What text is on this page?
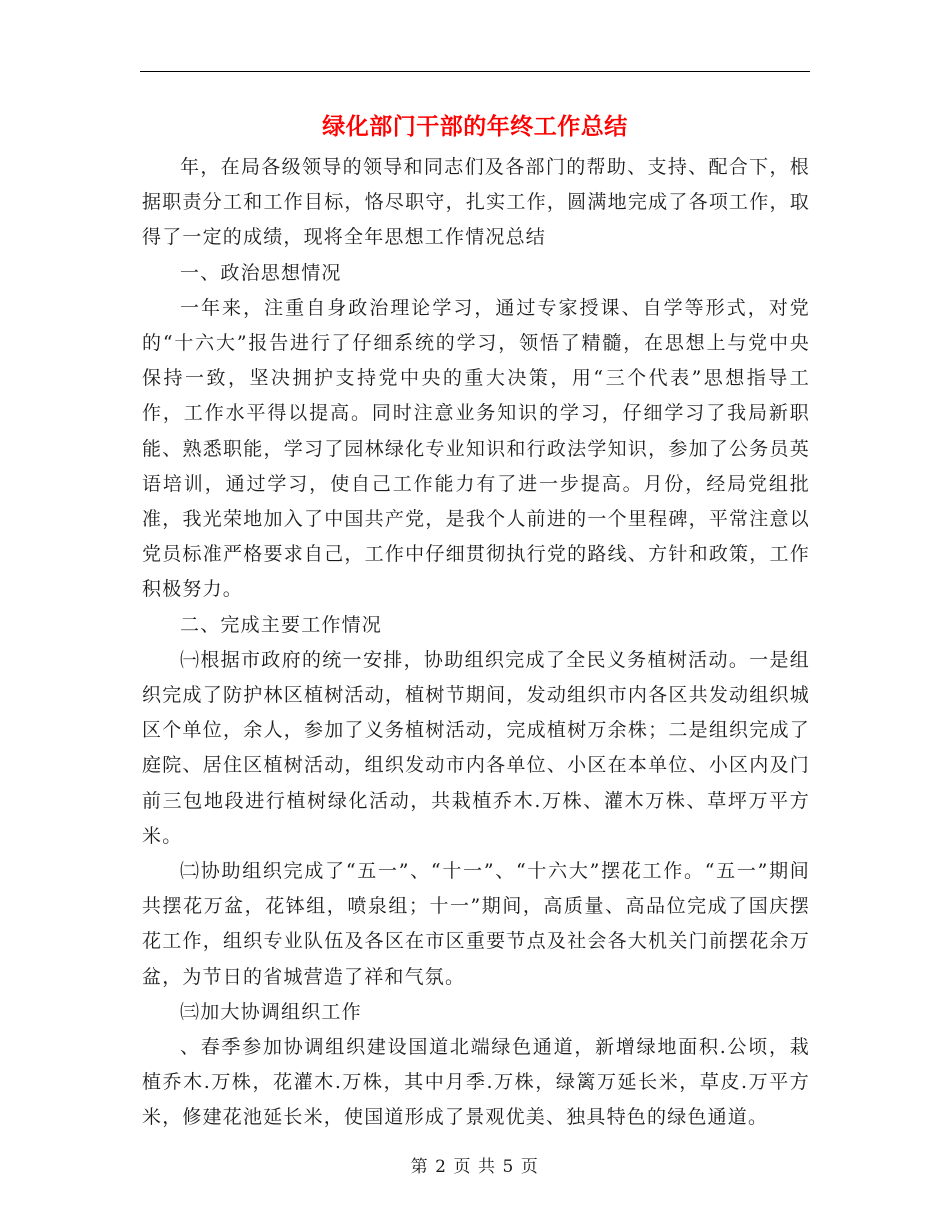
绿化部门干部的年终工作总结

年，在局各级领导的领导和同志们及各部门的帮助、支持、配合下，根据职责分工和工作目标，恪尽职守，扎实工作，圆满地完成了各项工作，取得了一定的成绩，现将全年思想工作情况总结

一、政治思想情况

一年来，注重自身政治理论学习，通过专家授课、自学等形式，对党的“十六大”报告进行了仔细系统的学习，领悟了精髓，在思想上与党中央保持一致，坚决拥护支持党中央的重大决策，用“三个代表”思想指导工作，工作水平得以提高。同时注意业务知识的学习，仔细学习了我局新职能、熟悉职能，学习了园林绿化专业知识和行政法学知识，参加了公务员英语培训，通过学习，使自己工作能力有了进一步提高。月份，经局党组批准，我光荣地加入了中国共产党，是我个人前进的一个里程碑，平常注意以党员标准严格要求自己，工作中仔细贯彻执行党的路线、方针和政策，工作积极努力。

二、完成主要工作情况

㈠根据市政府的统一安排，协助组织完成了全民义务植树活动。一是组织完成了防护林区植树活动，植树节期间，发动组织市内各区共发动组织城区个单位，余人，参加了义务植树活动，完成植树万余株；二是组织完成了庭院、居住区植树活动，组织发动市内各单位、小区在本单位、小区内及门前三包地段进行植树绿化活动，共栽植乔木.万株、灌木万株、草坪万平方米。

㈡协助组织完成了“五一”、“十一”、“十六大”摆花工作。“五一”期间共摆花万盆，花钵组，喷泉组；十一”期间，高质量、高品位完成了国庆摆花工作，组织专业队伍及各区在市区重要节点及社会各大机关门前摆花余万盆，为节日的省城营造了祥和气氛。

㈢加大协调组织工作

、春季参加协调组织建设国道北端绿色通道，新增绿地面积.公顷，栽植乔木.万株，花灌木.万株，其中月季.万株，绿篱万延长米，草皮.万平方米，修建花池延长米，使国道形成了景观优美、独具特色的绿色通道。

第 2 页 共 5 页
